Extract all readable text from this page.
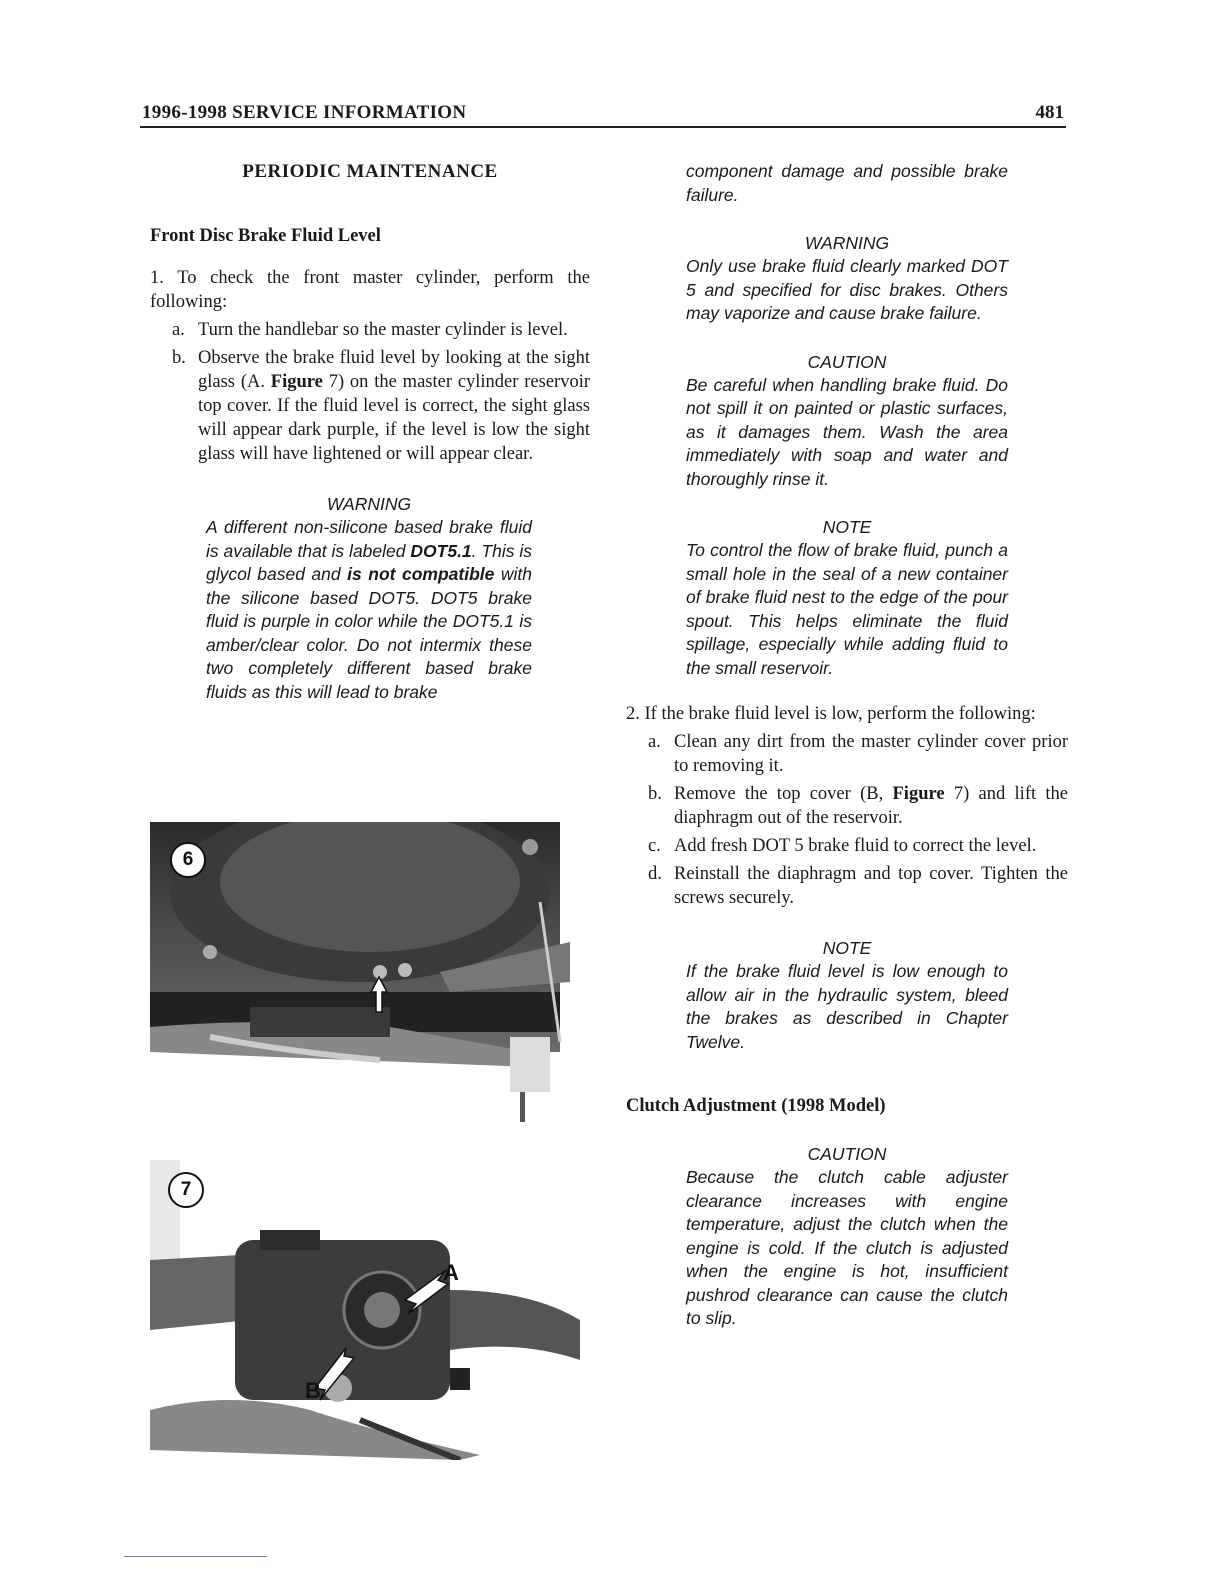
1996-1998 SERVICE INFORMATION	481

PERIODIC MAINTENANCE

Front Disc Brake Fluid Level

1. To check the front master cylinder, perform the following:

a. Turn the handlebar so the master cylinder is level.
b. Observe the brake fluid level by looking at the sight glass (A. Figure 7) on the master cylinder reservoir top cover. If the fluid level is correct, the sight glass will appear dark purple, if the level is low the sight glass will have lightened or will appear clear.

WARNING

A different non-silicone based brake fluid is available that is labeled DOT5.1. This is glycol based and is not compatible with the silicone based DOT5. DOT5 brake fluid is purple in color while the DOT5.1 is amber/clear color. Do not intermix these two completely different based brake fluids as this will lead to brake

6
7
A
B

component damage and possible brake failure.

WARNING

Only use brake fluid clearly marked DOT 5 and specified for disc brakes. Others may vaporize and cause brake failure.

CAUTION

Be careful when handling brake fluid. Do not spill it on painted or plastic surfaces, as it damages them. Wash the area immediately with soap and water and thoroughly rinse it.

NOTE

To control the flow of brake fluid, punch a small hole in the seal of a new container of brake fluid nest to the edge of the pour spout. This helps eliminate the fluid spillage, especially while adding fluid to the small reservoir.

2. If the brake fluid level is low, perform the following:

a. Clean any dirt from the master cylinder cover prior to removing it.
b. Remove the top cover (B, Figure 7) and lift the diaphragm out of the reservoir.
c. Add fresh DOT 5 brake fluid to correct the level.
d. Reinstall the diaphragm and top cover. Tighten the screws securely.

NOTE

If the brake fluid level is low enough to allow air in the hydraulic system, bleed the brakes as described in Chapter Twelve.

Clutch Adjustment (1998 Model)

CAUTION

Because the clutch cable adjuster clearance increases with engine temperature, adjust the clutch when the engine is cold. If the clutch is adjusted when the engine is hot, insufficient pushrod clearance can cause the clutch to slip.
